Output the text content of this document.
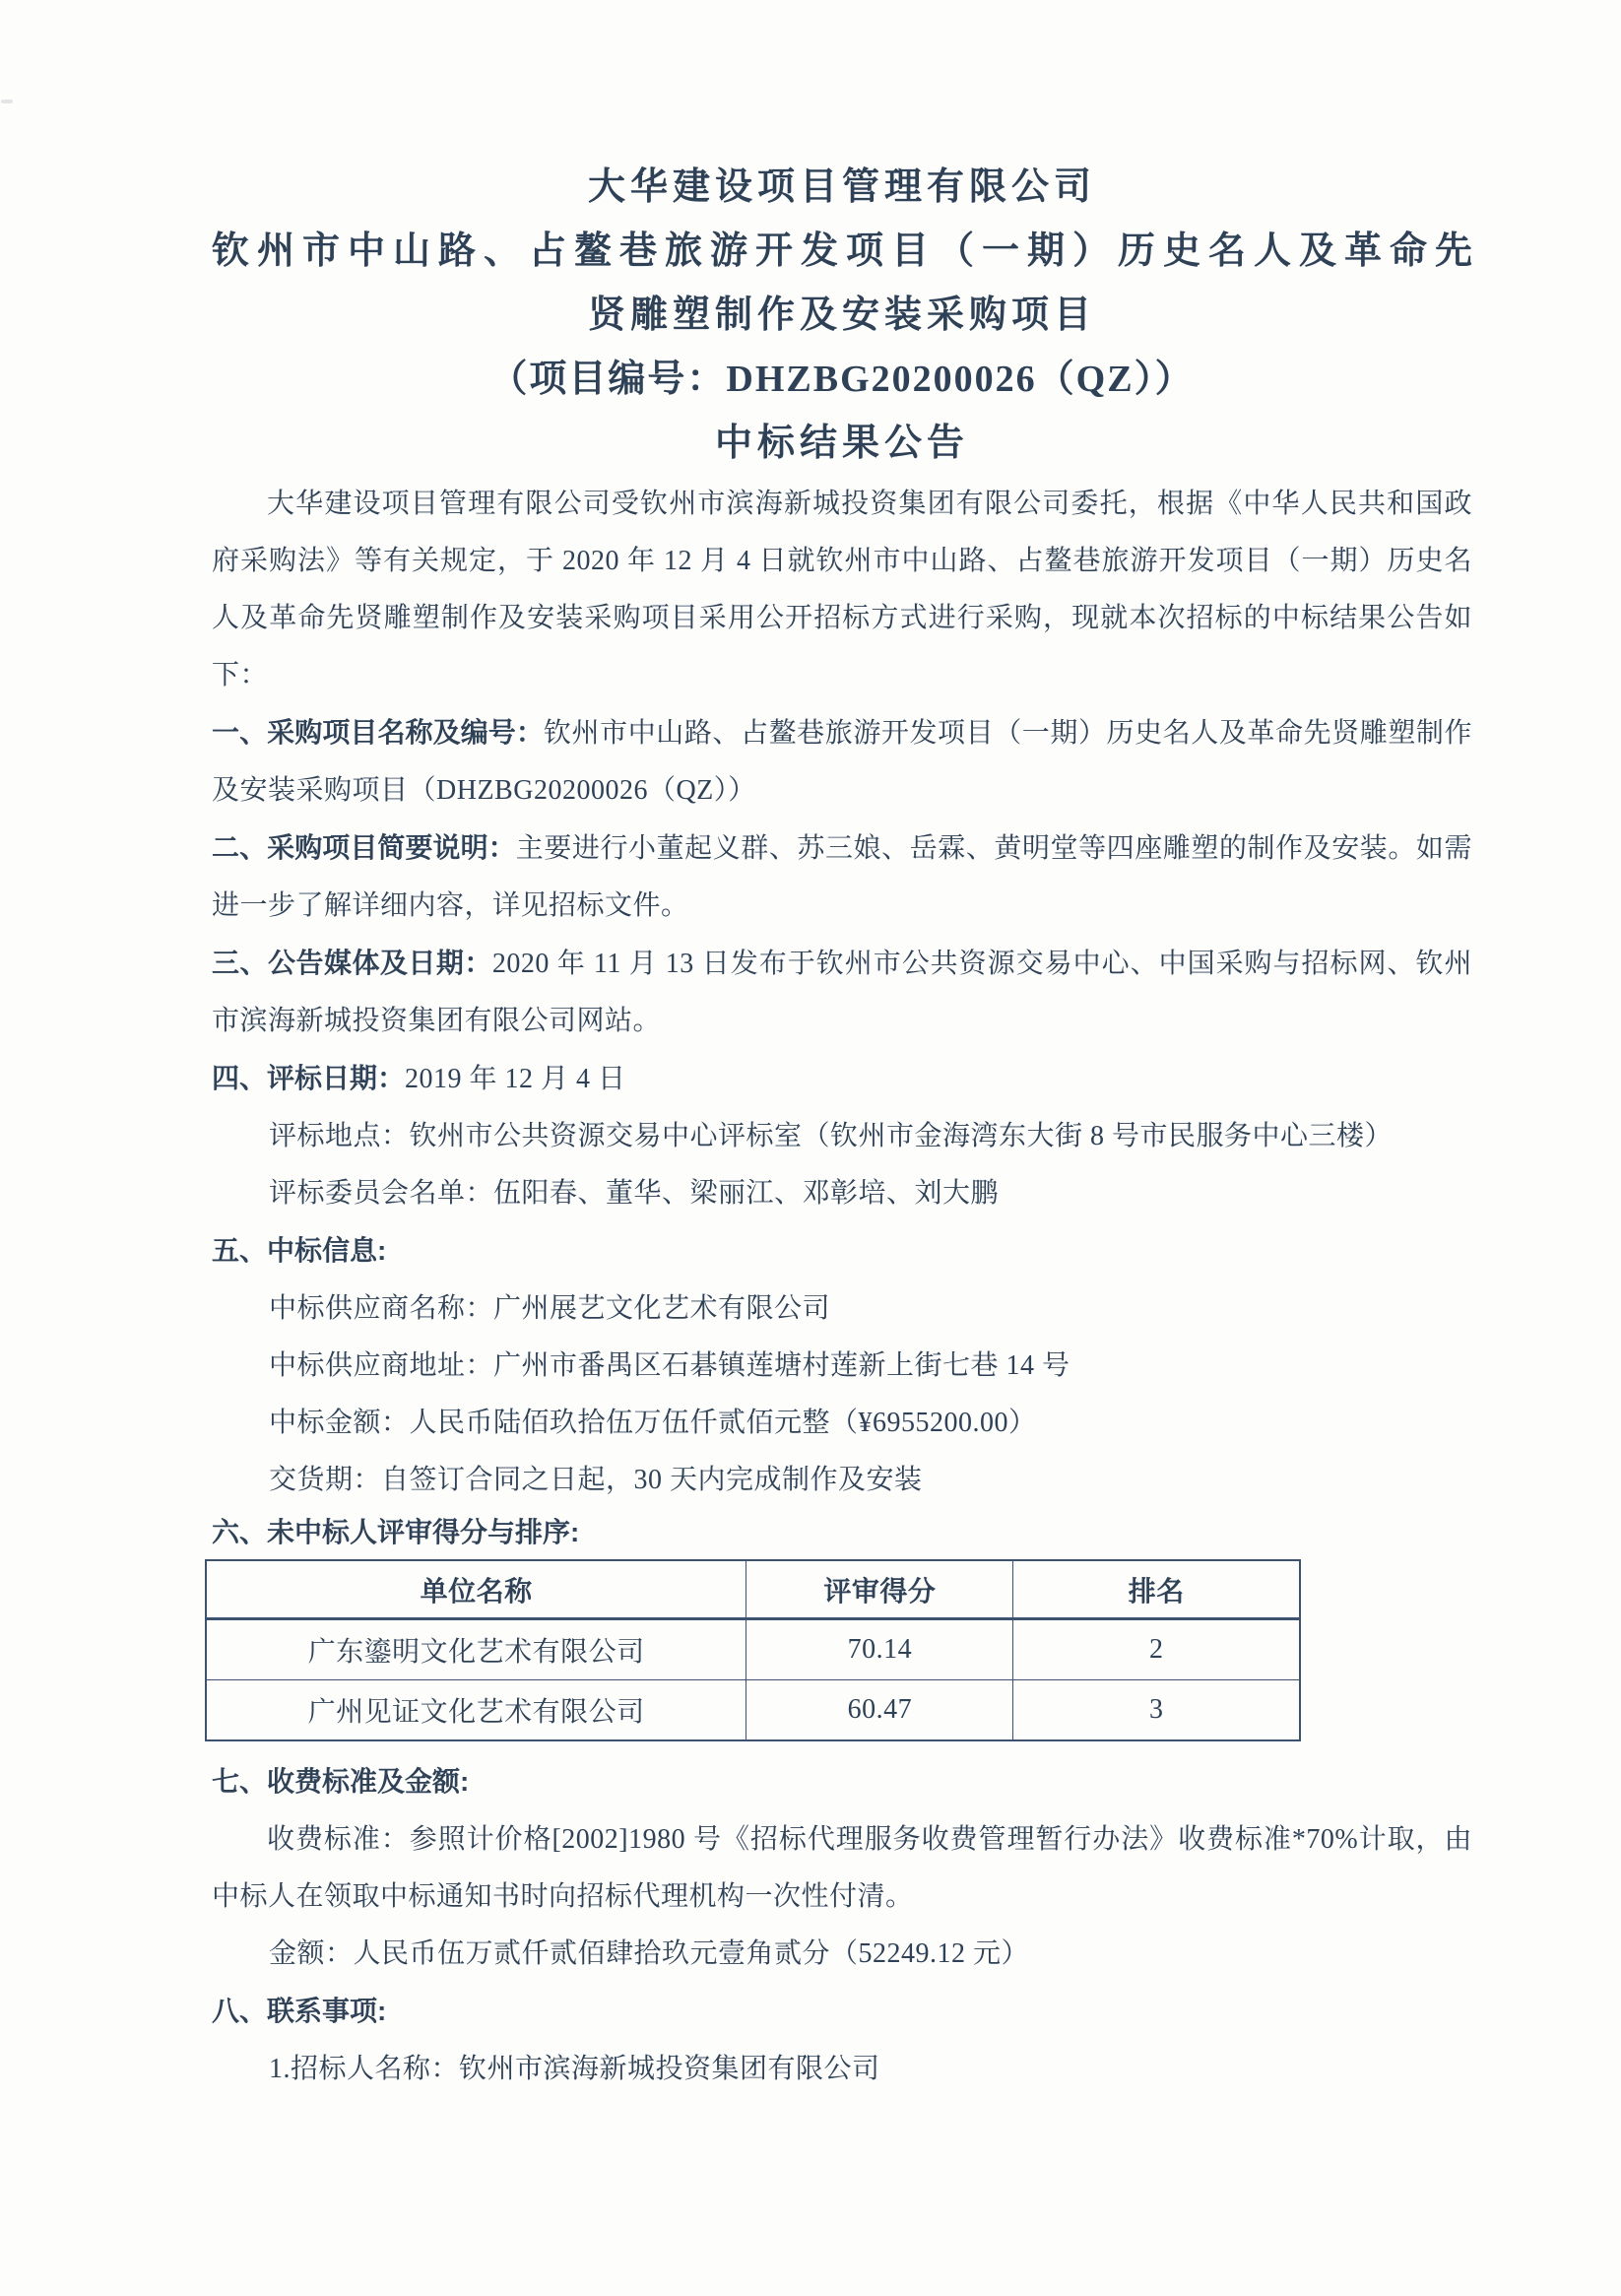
大华建设项目管理有限公司
钦州市中山路、占鳌巷旅游开发项目（一期）历史名人及革命先
贤雕塑制作及安装采购项目
（项目编号：DHZBG20200026（QZ））
中标结果公告

大华建设项目管理有限公司受钦州市滨海新城投资集团有限公司委托，根据《中华人民共和国政府采购法》等有关规定，于 2020 年 12 月 4 日就钦州市中山路、占鳌巷旅游开发项目（一期）历史名人及革命先贤雕塑制作及安装采购项目采用公开招标方式进行采购，现就本次招标的中标结果公告如下：

一、采购项目名称及编号：钦州市中山路、占鳌巷旅游开发项目（一期）历史名人及革命先贤雕塑制作及安装采购项目（DHZBG20200026（QZ））

二、采购项目简要说明：主要进行小董起义群、苏三娘、岳霖、黄明堂等四座雕塑的制作及安装。如需进一步了解详细内容，详见招标文件。

三、公告媒体及日期：2020 年 11 月 13 日发布于钦州市公共资源交易中心、中国采购与招标网、钦州市滨海新城投资集团有限公司网站。

四、评标日期：2019 年 12 月 4 日

评标地点：钦州市公共资源交易中心评标室（钦州市金海湾东大街 8 号市民服务中心三楼）

评标委员会名单：伍阳春、董华、梁丽江、邓彰培、刘大鹏

五、中标信息:

中标供应商名称：广州展艺文化艺术有限公司

中标供应商地址：广州市番禺区石碁镇莲塘村莲新上街七巷 14 号

中标金额：人民币陆佰玖拾伍万伍仟贰佰元整（¥6955200.00）

交货期：自签订合同之日起，30 天内完成制作及安装

六、未中标人评审得分与排序:

单位名称	评审得分	排名
广东鎏明文化艺术有限公司	70.14	2
广州见证文化艺术有限公司	60.47	3

七、收费标准及金额:

收费标准：参照计价格[2002]1980 号《招标代理服务收费管理暂行办法》收费标准*70%计取，由中标人在领取中标通知书时向招标代理机构一次性付清。

金额：人民币伍万贰仟贰佰肆拾玖元壹角贰分（52249.12 元）

八、联系事项:

1.招标人名称：钦州市滨海新城投资集团有限公司
